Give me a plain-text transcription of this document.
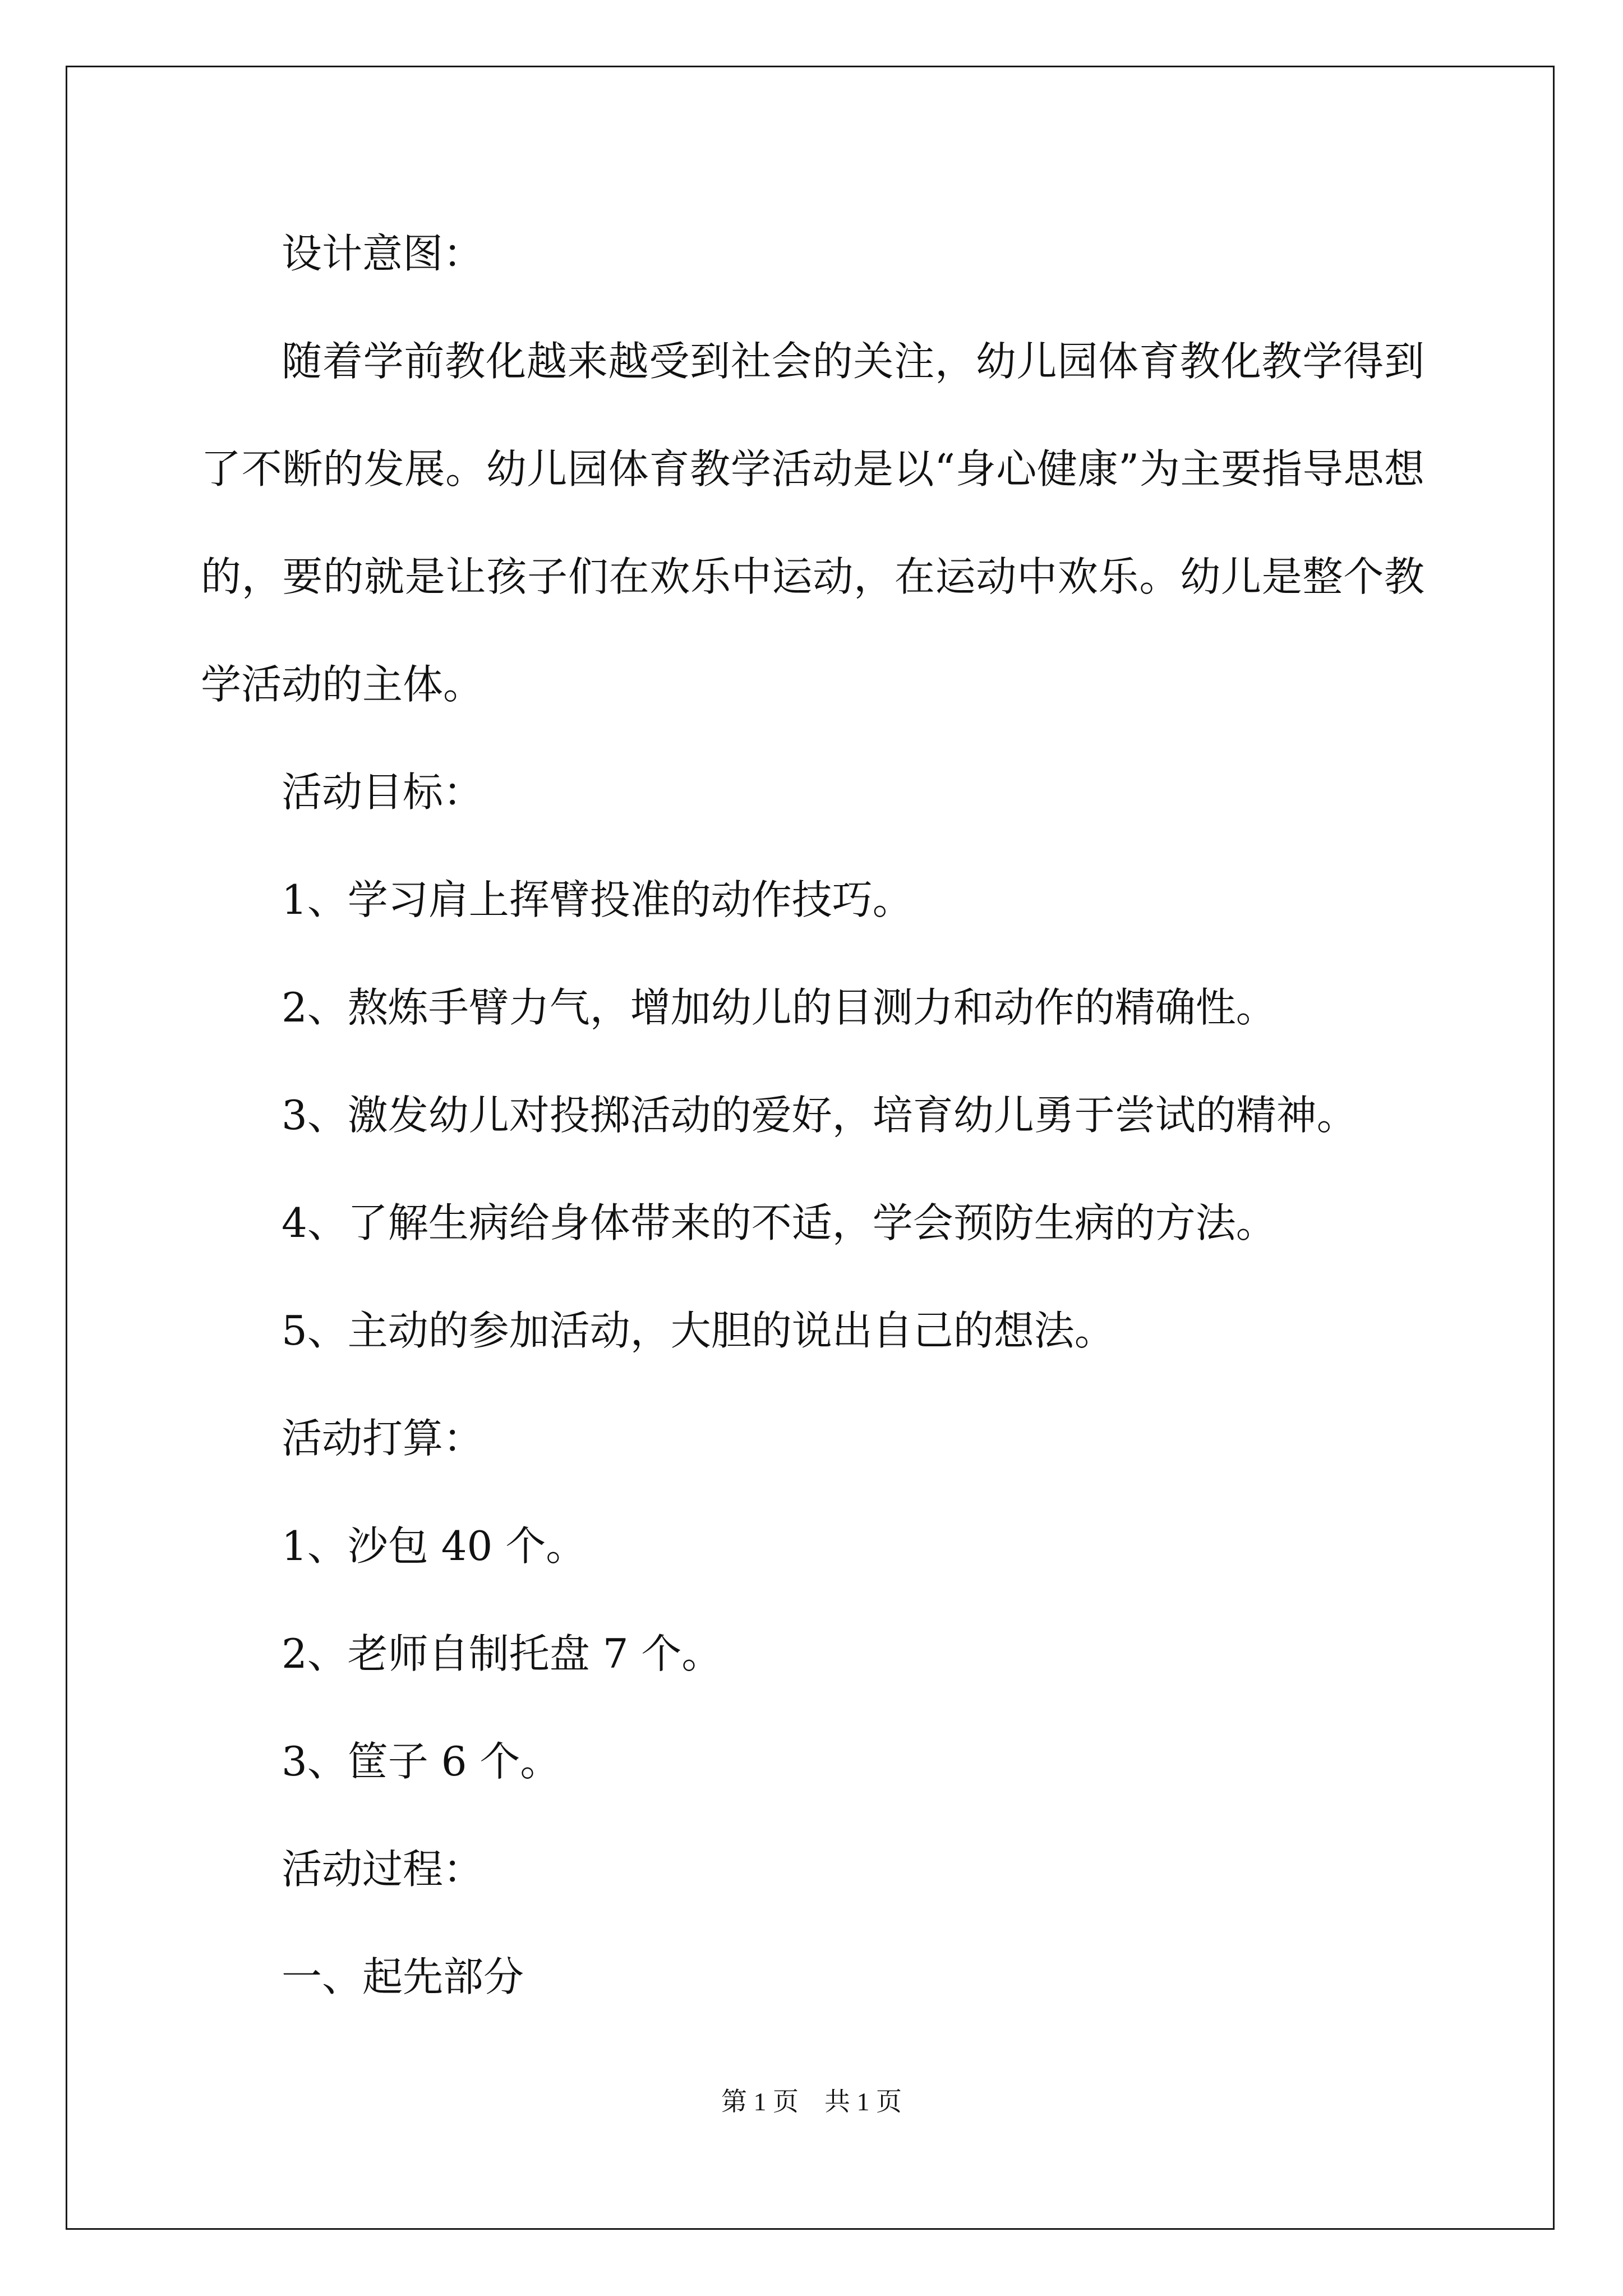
设计意图：

随着学前教化越来越受到社会的关注，幼儿园体育教化教学得到了不断的发展。幼儿园体育教学活动是以“身心健康”为主要指导思想的，要的就是让孩子们在欢乐中运动，在运动中欢乐。幼儿是整个教学活动的主体。

活动目标：
1、学习肩上挥臂投准的动作技巧。
2、熬炼手臂力气，增加幼儿的目测力和动作的精确性。
3、激发幼儿对投掷活动的爱好，培育幼儿勇于尝试的精神。
4、了解生病给身体带来的不适，学会预防生病的方法。
5、主动的参加活动，大胆的说出自己的想法。
活动打算：
1、沙包 40 个。
2、老师自制托盘 7 个。
3、筐子 6 个。
活动过程：
一、起先部分
第 1 页　共 1 页
